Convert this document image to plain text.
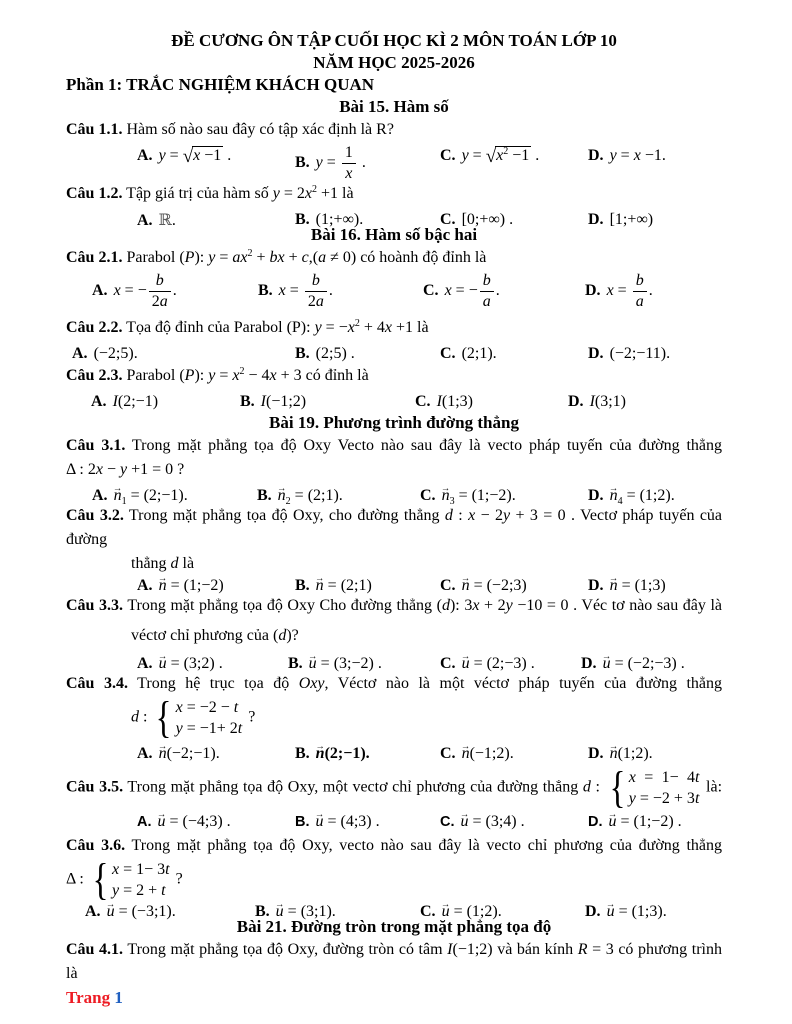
ĐỀ CƯƠNG ÔN TẬP CUỐI HỌC KÌ 2 MÔN TOÁN LỚP 10
NĂM HỌC 2025-2026
Phần 1: TRẮC NGHIỆM KHÁCH QUAN
Bài 15. Hàm số
Câu 1.1. Hàm số nào sau đây có tập xác định là R?
A. y = √x −1 .	B. $y = \frac{1}{x}$ .	C. $y = √x^2 -1$ .	D. y = x −1.
Câu 1.2. Tập giá trị của hàm số $y = 2x^2 +1$ là
A. ℝ.	B. (1;+∞).	C. [0;+∞) .	D. [1;+∞)
Bài 16. Hàm số bậc hai
Câu 2.1. Parabol (P): $y = ax^2$ + bx + c,(a ≠ 0) có hoành độ đỉnh là
A. x = − $\frac{b}{2a}$ .	B. $x = \frac{b}{2a}$ .	C. x = − $\frac{b}{a}$ .	D. $x = \frac{b}{a}$ .
Câu 2.2. Tọa độ đỉnh của Parabol (P): $y = -x^2 + 4x +1$ là
A. (−2;5).	B. (2;5) .	C. (2;1).	D. (−2;−11).
Câu 2.3. Parabol (P): $y = x^2 - 4x + 3$ có đỉnh là
A. I(2;−1)	B. I(−1;2)	C. I(1;3)	D. I(3;1)
Bài 19. Phương trình đường thẳng
Câu 3.1. Trong mặt phẳng tọa độ Oxy Vecto nào sau đây là vecto pháp tuyến của đường thẳng
Δ : 2x − y +1 = 0 ?
A. → $n_1$ = (2;−1).	B. → $n_2$ = (2;1).	C. → $n_3$ = (1;−2).	D. → $n_4$ = (1;2).
Câu 3.2. Trong mặt phẳng tọa độ Oxy, cho đường thẳng d : x − 2y + 3 = 0 . Vectơ pháp tuyến của đường
thẳng d là
A. → n = (1;−2)	B. → n = (2;1)	C. → n = (−2;3)	D. → n = (1;3)
Câu 3.3. Trong mặt phẳng tọa độ Oxy Cho đường thẳng (d): 3x + 2y −10 = 0 . Véc tơ nào sau đây là
véctơ chỉ phương của (d)?
A. → u = (3;2) .	B. → u = (3;−2) .	C. → u = (2;−3) .	D. → u = (−2;−3) .
Câu 3.4. Trong hệ trục tọa độ Oxy, Véctơ nào là một véctơ pháp tuyến của đường thẳng
d : { x = −2 − t
y = −1+ 2t
?
A. → n(−2;−1).	B. → n(2;−1).	C. → n(−1;2).	D. → n(1;2).
Câu 3.5. Trong mặt phẳng tọa độ Oxy, một vectơ chỉ phương của đường thẳng d : { x = 1− 4t
y = −2 + 3t
là:
A. → u = (−4;3) .	B. → u = (4;3) .	C. → u = (3;4) .	D. → u = (1;−2) .
Câu 3.6. Trong mặt phẳng tọa độ Oxy, vecto nào sau đây là vecto chỉ phương của đường thẳng
Δ : { x = 1− 3t
y = 2 + t
?
A. → u = (−3;1).	B. → u = (3;1).	C. → u = (1;2).	D. → u = (1;3).
Bài 21. Đường tròn trong mặt phẳng tọa độ
Câu 4.1. Trong mặt phẳng tọa độ Oxy, đường tròn có tâm I(−1;2) và bán kính R = 3 có phương trình
là
Trang 1
